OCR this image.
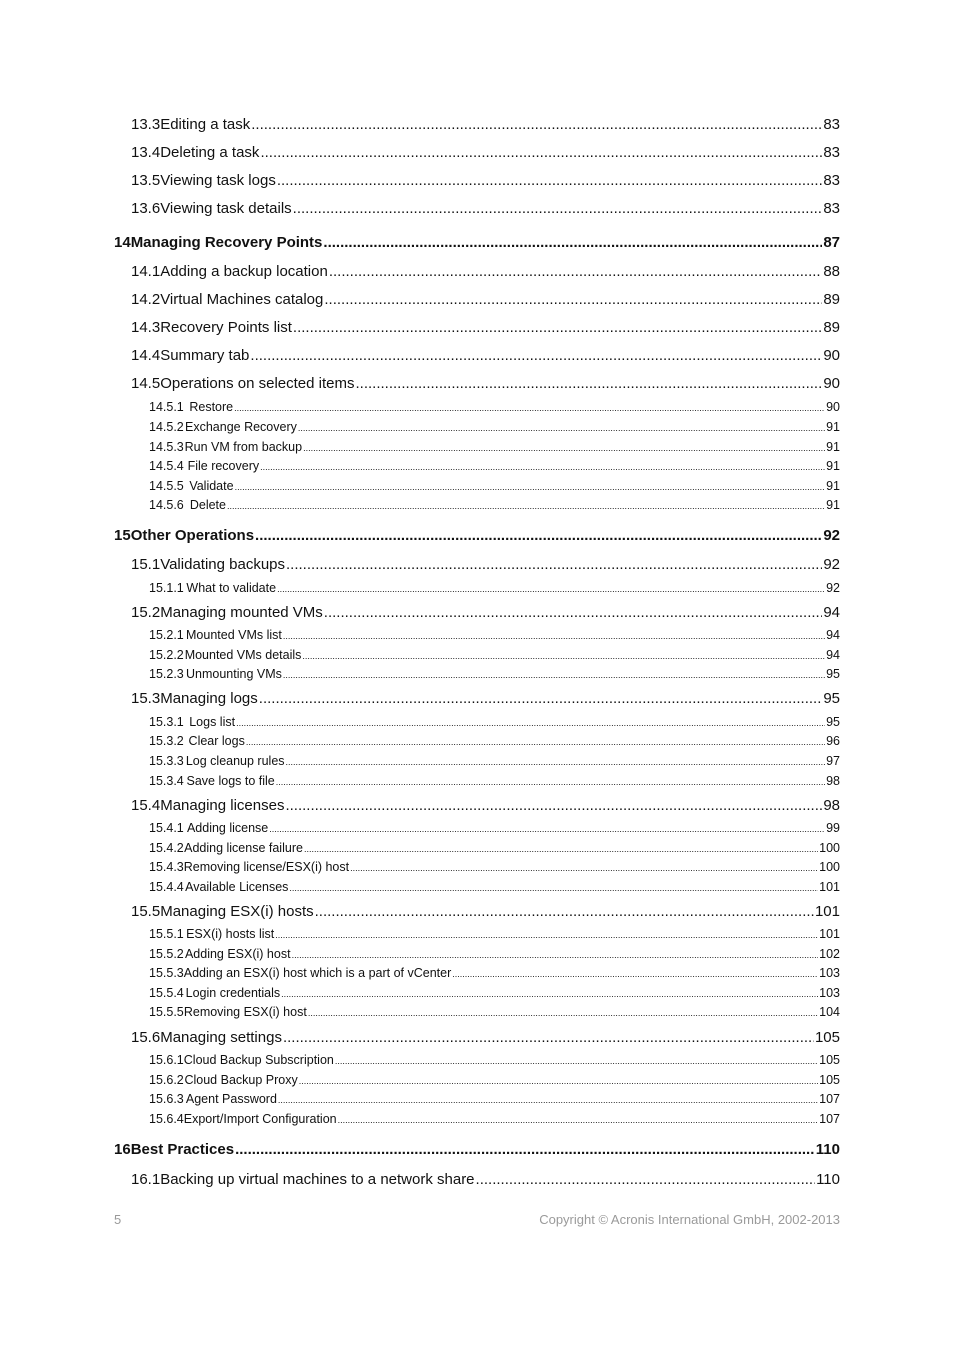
13.3 Editing a task .....	83
13.4 Deleting a task .....	83
13.5 Viewing task logs .....	83
13.6 Viewing task details .....	83
14 Managing Recovery Points .....	87
14.1 Adding a backup location .....	88
14.2 Virtual Machines catalog .....	89
14.3 Recovery Points list .....	89
14.4 Summary tab .....	90
14.5 Operations on selected items .....	90
14.5.1 Restore .....	90
14.5.2 Exchange Recovery .....	91
14.5.3 Run VM from backup .....	91
14.5.4 File recovery .....	91
14.5.5 Validate .....	91
14.5.6 Delete .....	91
15 Other Operations .....	92
15.1 Validating backups .....	92
15.1.1 What to validate .....	92
15.2 Managing mounted VMs .....	94
15.2.1 Mounted VMs list .....	94
15.2.2 Mounted VMs details .....	94
15.2.3 Unmounting VMs .....	95
15.3 Managing logs .....	95
15.3.1 Logs list .....	95
15.3.2 Clear logs .....	96
15.3.3 Log cleanup rules .....	97
15.3.4 Save logs to file .....	98
15.4 Managing licenses .....	98
15.4.1 Adding license .....	99
15.4.2 Adding license failure .....	100
15.4.3 Removing license/ESX(i) host .....	100
15.4.4 Available Licenses .....	101
15.5 Managing ESX(i) hosts .....	101
15.5.1 ESX(i) hosts list .....	101
15.5.2 Adding ESX(i) host .....	102
15.5.3 Adding an ESX(i) host which is a part of vCenter .....	103
15.5.4 Login credentials .....	103
15.5.5 Removing ESX(i) host .....	104
15.6 Managing settings .....	105
15.6.1 Cloud Backup Subscription .....	105
15.6.2 Cloud Backup Proxy .....	105
15.6.3 Agent Password .....	107
15.6.4 Export/Import Configuration .....	107
16 Best Practices .....	110
16.1 Backing up virtual machines to a network share .....	110
5	Copyright © Acronis International GmbH, 2002-2013
